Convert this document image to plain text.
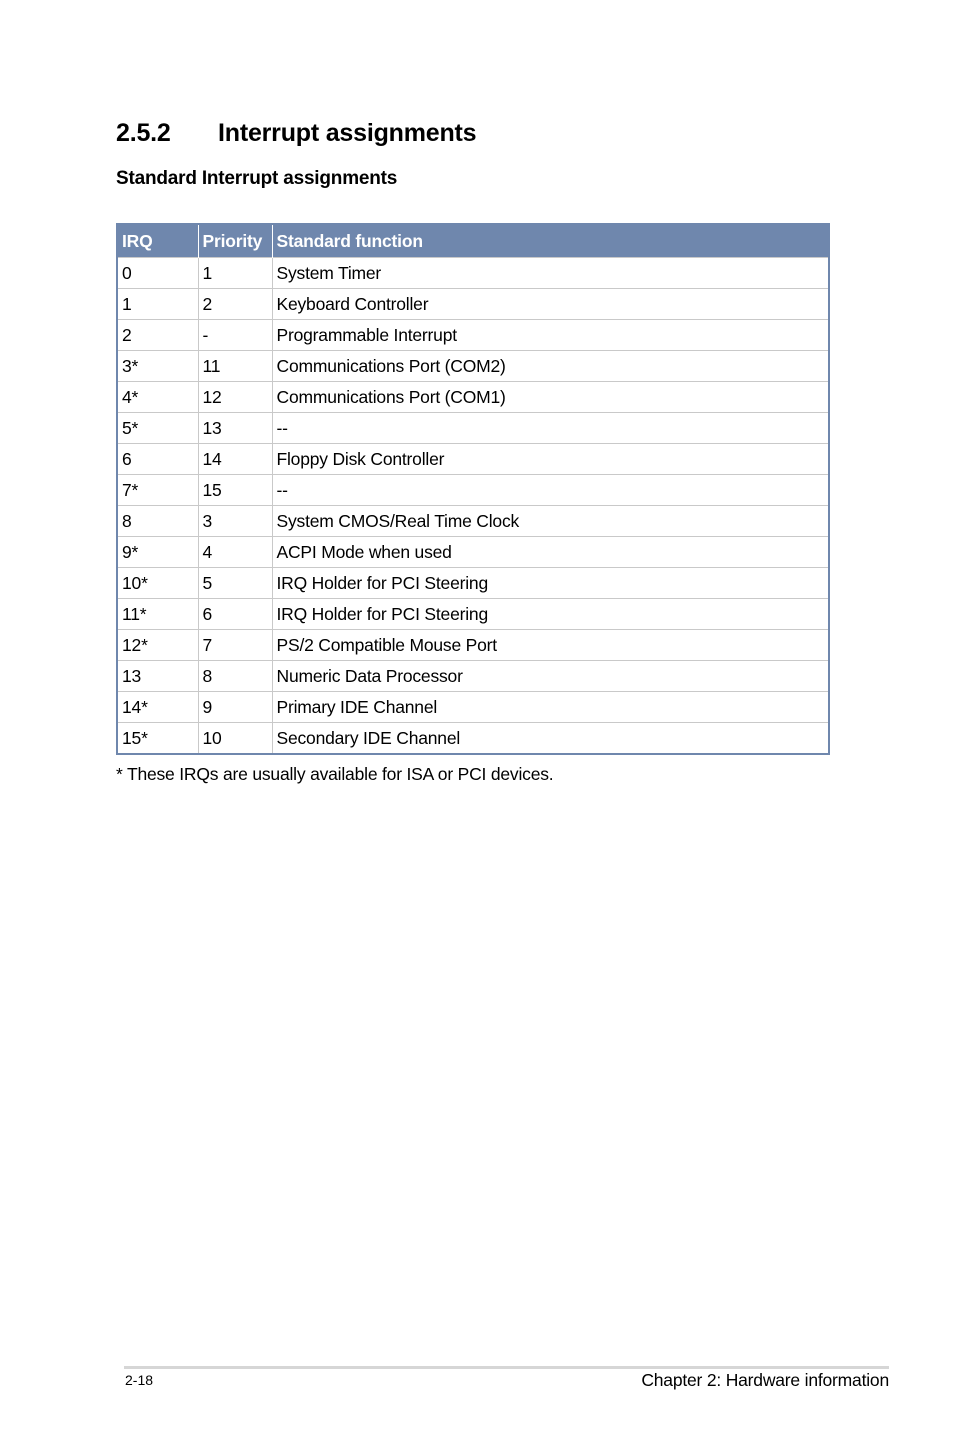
2.5.2	Interrupt assignments
Standard Interrupt assignments
IRQ	Priority	Standard function
0	1	System Timer
1	2	Keyboard Controller
2	-	Programmable Interrupt
3*	11	Communications Port (COM2)
4*	12	Communications Port (COM1)
5*	13	--
6	14	Floppy Disk Controller
7*	15	--
8	3	System CMOS/Real Time Clock
9*	4	ACPI Mode when used
10*	5	IRQ Holder for PCI Steering
11*	6	IRQ Holder for PCI Steering
12*	7	PS/2 Compatible Mouse Port
13	8	Numeric Data Processor
14*	9	Primary IDE Channel
15*	10	Secondary IDE Channel
* These IRQs are usually available for ISA or PCI devices.
2-18	Chapter 2: Hardware information
